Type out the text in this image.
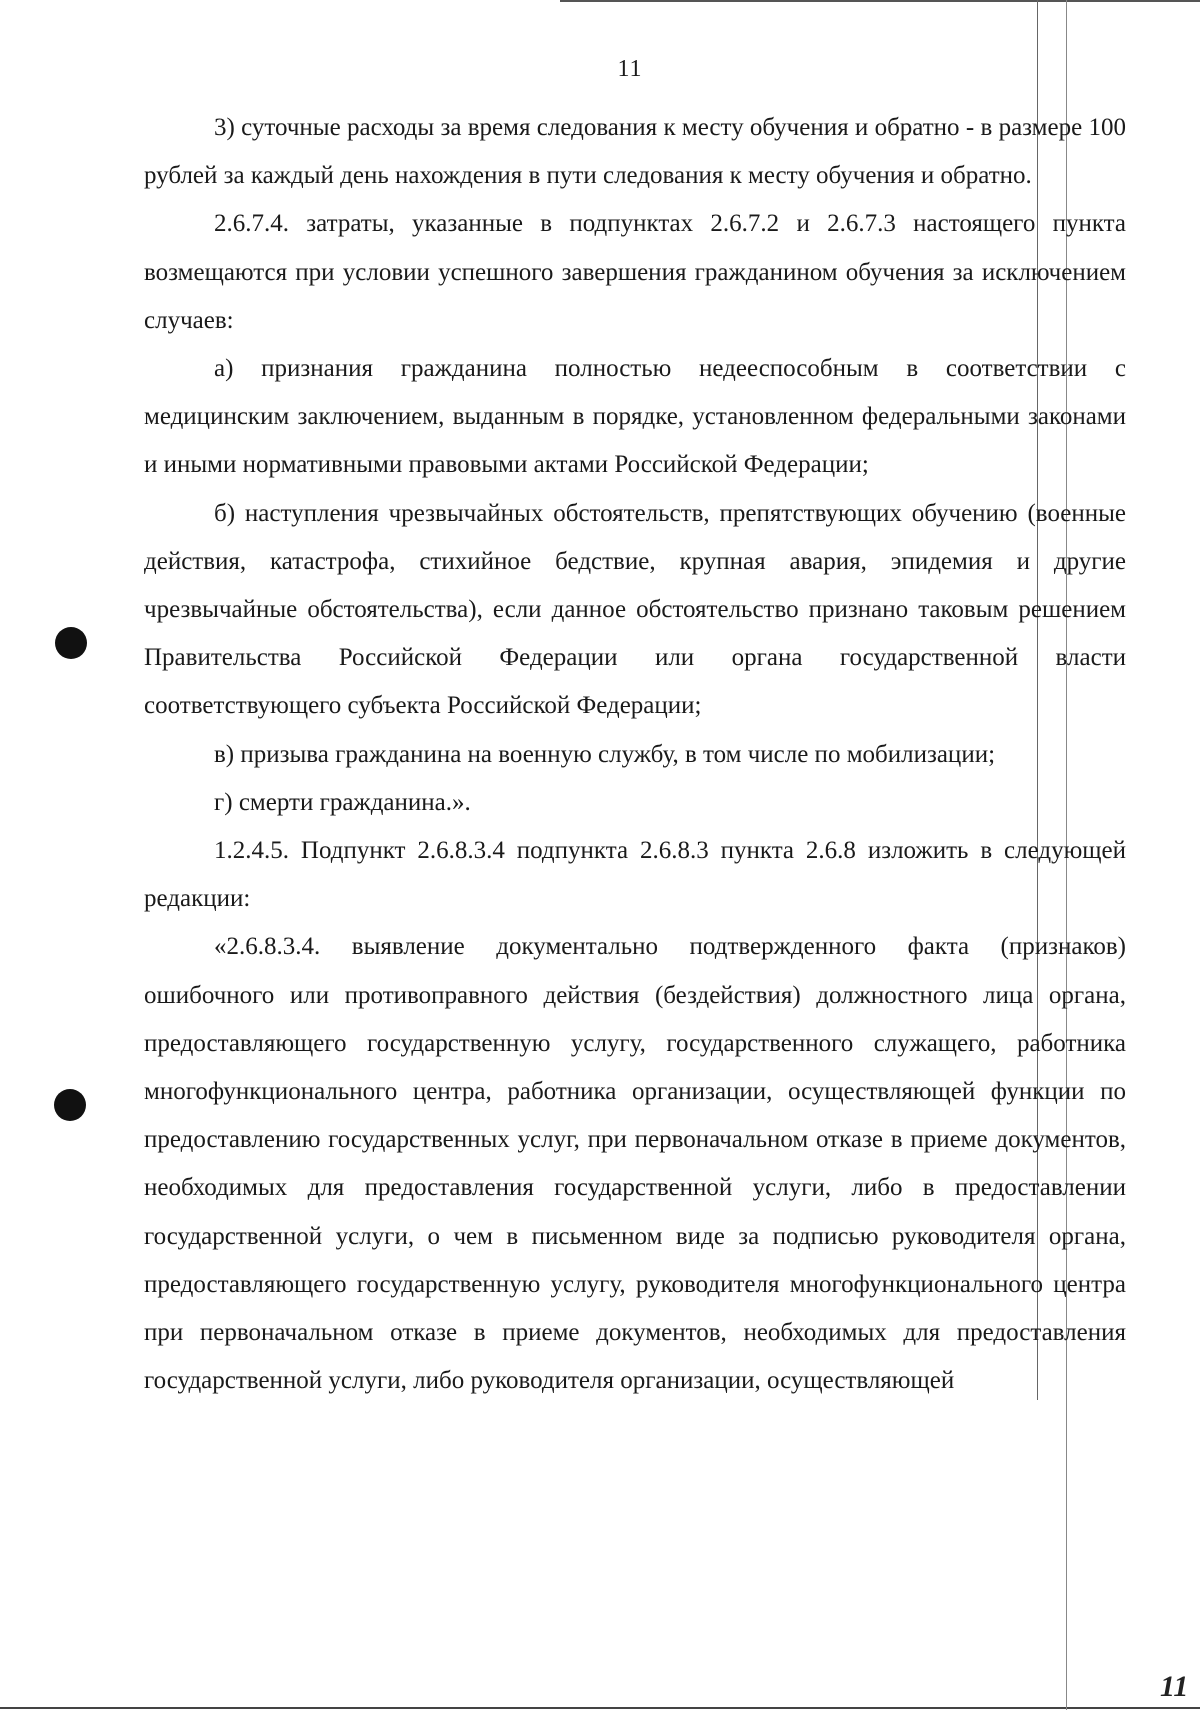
11

3) суточные расходы за время следования к месту обучения и обратно - в размере 100 рублей за каждый день нахождения в пути следования к месту обучения и обратно.

2.6.7.4. затраты, указанные в подпунктах 2.6.7.2 и 2.6.7.3 настоящего пункта возмещаются при условии успешного завершения гражданином обучения за исключением случаев:

а) признания гражданина полностью недееспособным в соответствии с медицинским заключением, выданным в порядке, установленном федеральными законами и иными нормативными правовыми актами Российской Федерации;

б) наступления чрезвычайных обстоятельств, препятствующих обучению (военные действия, катастрофа, стихийное бедствие, крупная авария, эпидемия и другие чрезвычайные обстоятельства), если данное обстоятельство признано таковым решением Правительства Российской Федерации или органа государственной власти соответствующего субъекта Российской Федерации;

в) призыва гражданина на военную службу, в том числе по мобилизации;

г) смерти гражданина.».

1.2.4.5. Подпункт 2.6.8.3.4 подпункта 2.6.8.3 пункта 2.6.8 изложить в следующей редакции:

«2.6.8.3.4. выявление документально подтвержденного факта (признаков) ошибочного или противоправного действия (бездействия) должностного лица органа, предоставляющего государственную услугу, государственного служащего, работника многофункционального центра, работника организации, осуществляющей функции по предоставлению государственных услуг, при первоначальном отказе в приеме документов, необходимых для предоставления государственной услуги, либо в предоставлении государственной услуги, о чем в письменном виде за подписью руководителя органа, предоставляющего государственную услугу, руководителя многофункционального центра при первоначальном отказе в приеме документов, необходимых для предоставления государственной услуги, либо руководителя организации, осуществляющей

11
